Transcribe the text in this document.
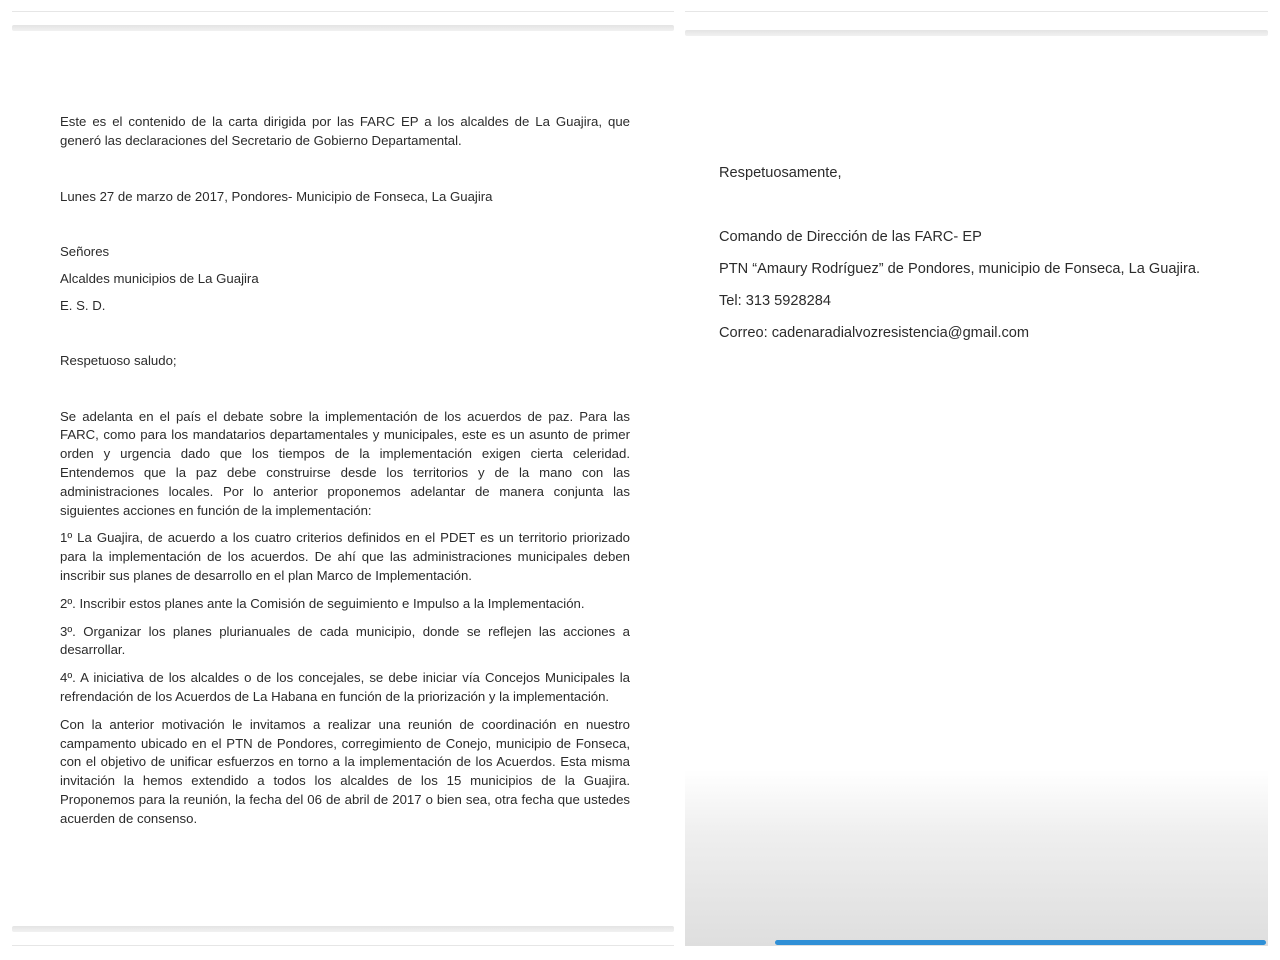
Este es el contenido de la carta dirigida por las FARC EP a los alcaldes de La Guajira, que generó las declaraciones del Secretario de Gobierno Departamental.

Lunes 27 de marzo de 2017, Pondores- Municipio de Fonseca, La Guajira

Señores

Alcaldes municipios de La Guajira

E. S. D.

Respetuoso saludo;

Se adelanta en el país el debate sobre la implementación de los acuerdos de paz. Para las FARC, como para los mandatarios departamentales y municipales, este es un asunto de primer orden y urgencia dado que los tiempos de la implementación exigen cierta celeridad. Entendemos que la paz debe construirse desde los territorios y de la mano con las administraciones locales. Por lo anterior proponemos adelantar de manera conjunta las siguientes acciones en función de la implementación:

1º La Guajira, de acuerdo a los cuatro criterios definidos en el PDET es un territorio priorizado para la implementación de los acuerdos. De ahí que las administraciones municipales deben inscribir sus planes de desarrollo en el plan Marco de Implementación.

2º. Inscribir estos planes ante la Comisión de seguimiento e Impulso a la Implementación.

3º. Organizar los planes plurianuales de cada municipio, donde se reflejen las acciones a desarrollar.

4º. A iniciativa de los alcaldes o de los concejales, se debe iniciar vía Concejos Municipales la refrendación de los Acuerdos de La Habana en función de la priorización y la implementación.

Con la anterior motivación le invitamos a realizar una reunión de coordinación en nuestro campamento ubicado en el PTN de Pondores, corregimiento de Conejo, municipio de Fonseca, con el objetivo de unificar esfuerzos en torno a la implementación de los Acuerdos. Esta misma invitación la hemos extendido a todos los alcaldes de los 15 municipios de la Guajira. Proponemos para la reunión, la fecha del 06 de abril de 2017 o bien sea, otra fecha que ustedes acuerden de consenso.

Respetuosamente,

Comando de Dirección de las FARC- EP

PTN “Amaury Rodríguez” de Pondores, municipio de Fonseca, La Guajira.

Tel: 313 5928284

Correo: cadenaradialvozresistencia@gmail.com
